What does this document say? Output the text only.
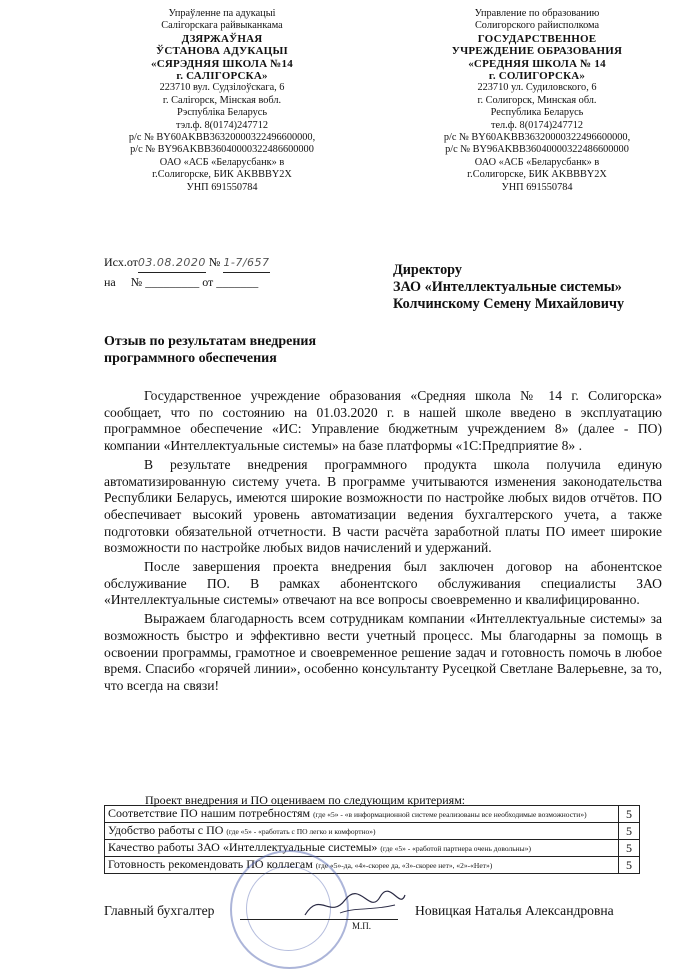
Упраўленне па адукацыі
Салігорскага райвыканкама
ДЗЯРЖАЎНАЯ
ЎСТАНОВА АДУКАЦЫІ
«СЯРЭДНЯЯ ШКОЛА №14
г. САЛІГОРСКА»
223710 вул. Судзілоўскага, 6
г. Салігорск, Мінская вобл.
Рэспубліка Беларусь
тэл.ф. 8(0174)247712
р/с № BY60AKBB36320000322496600000,
р/с № BY96AKBB36040000322486600000
ОАО «АСБ «Беларусбанк» в
г.Солигорске, БИК AKBBBY2X
УНП 691550784
Управление по образованию
Солигорского райисполкома
ГОСУДАРСТВЕННОЕ
УЧРЕЖДЕНИЕ ОБРАЗОВАНИЯ
«СРЕДНЯЯ ШКОЛА № 14
г. СОЛИГОРСКА»
223710 ул. Судиловского, 6
г. Солигорск, Минская обл.
Республика Беларусь
тел.ф. 8(0174)247712
р/с № BY60AKBB36320000322496600000,
р/с № BY96AKBB36040000322486600000
ОАО «АСБ «Беларусбанк» в
г.Солигорске, БИК AKBBBY2X
УНП 691550784
Исх.от03.08.2020 № 1-7/657
на № _________ от _______
Директору
ЗАО «Интеллектуальные системы»
Колчинскому Семену Михайловичу
Отзыв по результатам внедрения
программного обеспечения

Государственное учреждение образования «Средняя школа № 14 г. Солигорска» сообщает, что по состоянию на 01.03.2020 г. в нашей школе введено в эксплуатацию программное обеспечение «ИС: Управление бюджетным учреждением 8» (далее - ПО) компании «Интеллектуальные системы» на базе платформы «1С:Предприятие 8» .

В результате внедрения программного продукта школа получила единую автоматизированную систему учета. В программе учитываются изменения законодательства Республики Беларусь, имеются широкие возможности по настройке любых видов отчётов. ПО обеспечивает высокий уровень автоматизации ведения бухгалтерского учета, а также подготовки обязательной отчетности. В части расчёта заработной платы ПО имеет широкие возможности по настройке любых видов начислений и удержаний.

После завершения проекта внедрения был заключен договор на абонентское обслуживание ПО. В рамках абонентского обслуживания специалисты ЗАО «Интеллектуальные системы» отвечают на все вопросы своевременно и квалифицированно.

Выражаем благодарность всем сотрудникам компании «Интеллектуальные системы» за возможность быстро и эффективно вести учетный процесс. Мы благодарны за помощь в освоении программы, грамотное и своевременное решение задач и готовность помочь в любое время. Спасибо «горячей линии», особенно консультанту Русецкой Светлане Валерьевне, за то, что всегда на связи!

Проект внедрения и ПО оцениваем по следующим критериям:
Соответствие ПО нашим потребностям (где «5» - «в информационной системе реализованы все необходимые возможности»)	5
Удобство работы с ПО (где «5» - «работать с ПО легко и комфортно»)	5
Качество работы ЗАО «Интеллектуальные системы» (где «5» - «работой партнера очень довольны»)	5
Готовность рекомендовать ПО коллегам (где «5»-да, «4»-скорее да, «3»-скорее нет», «2»-«Нет»)	5
Главный бухгалтер
М.П.
Новицкая Наталья Александровна
